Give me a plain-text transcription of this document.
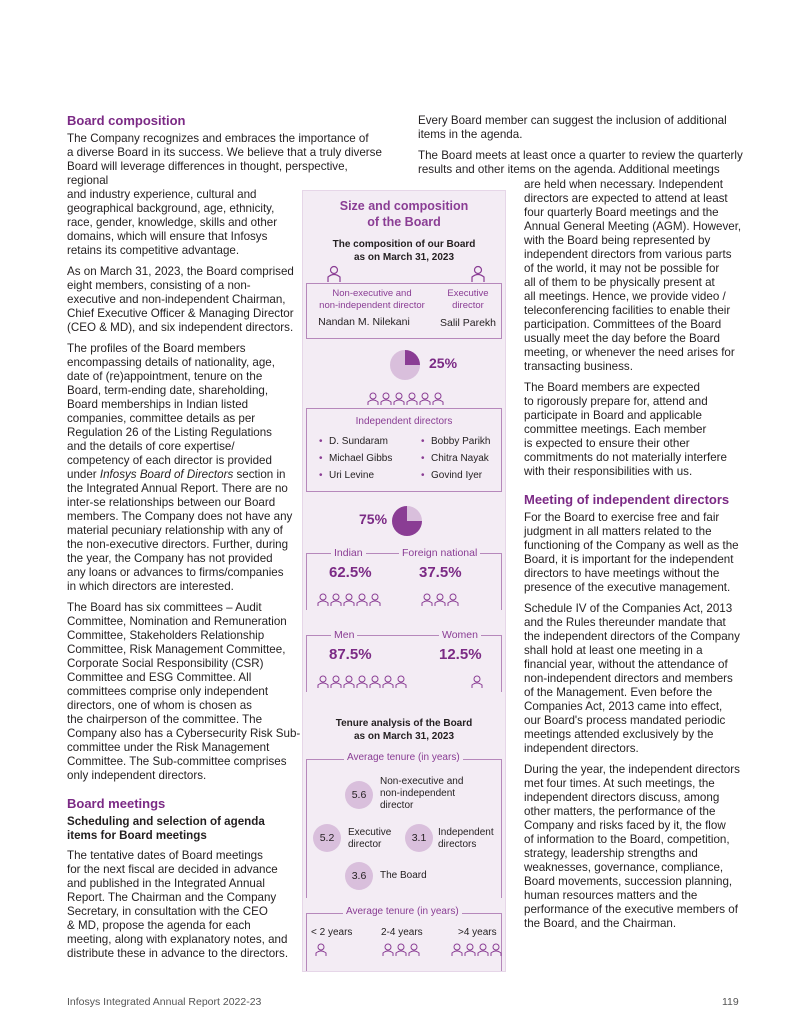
Board composition

The Company recognizes and embraces the importance of
a diverse Board in its success. We believe that a truly diverse
Board will leverage differences in thought, perspective, regional
and industry experience, cultural and
geographical background, age, ethnicity,
race, gender, knowledge, skills and other
domains, which will ensure that Infosys
retains its competitive advantage.

As on March 31, 2023, the Board comprised
eight members, consisting of a non-
executive and non-independent Chairman,
Chief Executive Officer & Managing Director
(CEO & MD), and six independent directors.

The profiles of the Board members
encompassing details of nationality, age,
date of (re)appointment, tenure on the
Board, term-ending date, shareholding,
Board memberships in Indian listed
companies, committee details as per
Regulation 26 of the Listing Regulations
and the details of core expertise/
competency of each director is provided
under Infosys Board of Directors section in
the Integrated Annual Report. There are no
inter-se relationships between our Board
members. The Company does not have any
material pecuniary relationship with any of
the non-executive directors. Further, during
the year, the Company has not provided
any loans or advances to firms/companies
in which directors are interested.

The Board has six committees – Audit
Committee, Nomination and Remuneration
Committee, Stakeholders Relationship
Committee, Risk Management Committee,
Corporate Social Responsibility (CSR)
Committee and ESG Committee. All
committees comprise only independent
directors, one of whom is chosen as
the chairperson of the committee. The
Company also has a Cybersecurity Risk Sub-
committee under the Risk Management
Committee. The Sub-committee comprises
only independent directors.

Board meetings
Scheduling and selection of agenda
items for Board meetings

The tentative dates of Board meetings
for the next fiscal are decided in advance
and published in the Integrated Annual
Report. The Chairman and the Company
Secretary, in consultation with the CEO
& MD, propose the agenda for each
meeting, along with explanatory notes, and
distribute these in advance to the directors.

Every Board member can suggest the inclusion of additional
items in the agenda.

The Board meets at least once a quarter to review the quarterly
results and other items on the agenda. Additional meetings

are held when necessary. Independent
directors are expected to attend at least
four quarterly Board meetings and the
Annual General Meeting (AGM). However,
with the Board being represented by
independent directors from various parts
of the world, it may not be possible for
all of them to be physically present at
all meetings. Hence, we provide video /
teleconferencing facilities to enable their
participation. Committees of the Board
usually meet the day before the Board
meeting, or whenever the need arises for
transacting business.

The Board members are expected
to rigorously prepare for, attend and
participate in Board and applicable
committee meetings. Each member
is expected to ensure their other
commitments do not materially interfere
with their responsibilities with us.

Meeting of independent directors

For the Board to exercise free and fair
judgment in all matters related to the
functioning of the Company as well as the
Board, it is important for the independent
directors to have meetings without the
presence of the executive management.

Schedule IV of the Companies Act, 2013
and the Rules thereunder mandate that
the independent directors of the Company
shall hold at least one meeting in a
financial year, without the attendance of
non-independent directors and members
of the Management. Even before the
Companies Act, 2013 came into effect,
our Board's process mandated periodic
meetings attended exclusively by the
independent directors.

During the year, the independent directors
met four times. At such meetings, the
independent directors discuss, among
other matters, the performance of the
Company and risks faced by it, the flow
of information to the Board, competition,
strategy, leadership strengths and
weaknesses, governance, compliance,
Board movements, succession planning,
human resources matters and the
performance of the executive members of
the Board, and the Chairman.

Size and composition
of the Board
The composition of our Board
as on March 31, 2023
Non-executive and
non-independent director
Nandan M. Nilekani
Executive
director
Salil Parekh
25%
Independent directors
• D. Sundaram
• Michael Gibbs
• Uri Levine
• Bobby Parikh
• Chitra Nayak
• Govind Iyer
75%
Indian	Foreign national
62.5%	37.5%
Men	Women
87.5%	12.5%
Tenure analysis of the Board
as on March 31, 2023
Average tenure (in years)
5.6
Non-executive and
non-independent
director
5.2	Executive
director
3.1	Independent
directors
3.6	The Board
Average tenure (in years)
< 2 years	2-4 years	>4 years
Infosys Integrated Annual Report 2022-23	119
